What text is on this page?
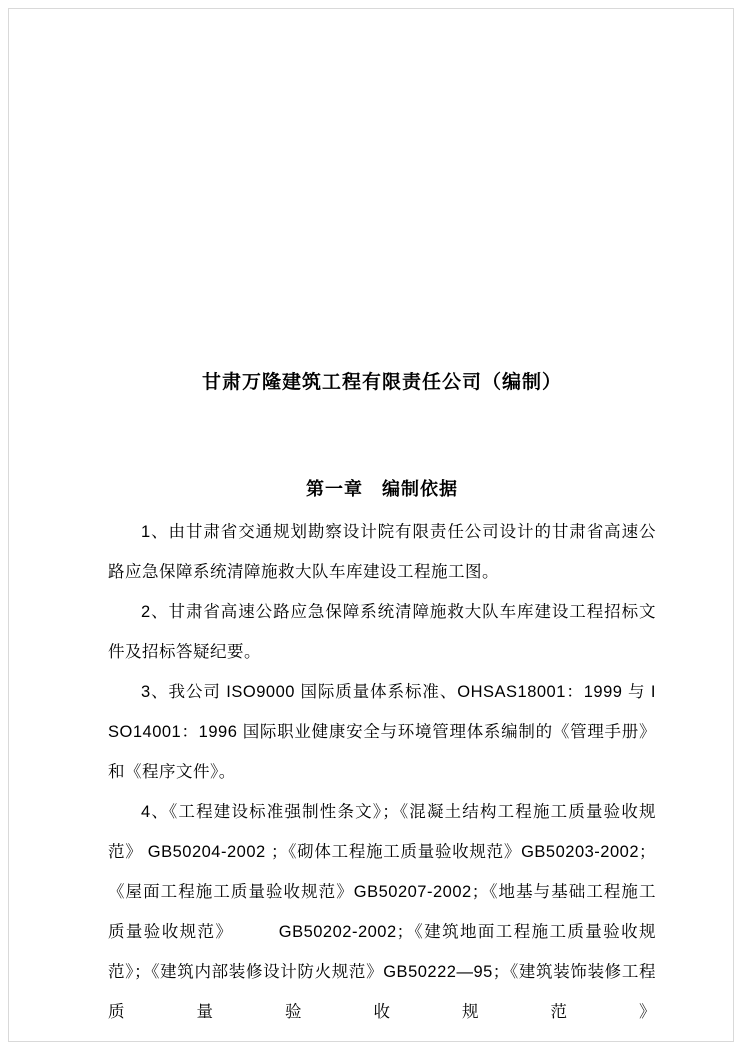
甘肃万隆建筑工程有限责任公司（编制）
第一章　编制依据

1、由甘肃省交通规划勘察设计院有限责任公司设计的甘肃省高速公路应急保障系统清障施救大队车库建设工程施工图。

2、甘肃省高速公路应急保障系统清障施救大队车库建设工程招标文件及招标答疑纪要。

3、我公司 ISO9000 国际质量体系标准、OHSAS18001：1999 与 ISO14001：1996 国际职业健康安全与环境管理体系编制的《管理手册》和《程序文件》。

4、《工程建设标准强制性条文》；《混凝土结构工程施工质量验收规范》 GB50204-2002 ；《砌体工程施工质量验收规范》GB50203-2002；《屋面工程施工质量验收规范》GB50207-2002；《地基与基础工程施工质量验收规范》　　　GB50202-2002；《建筑地面工程施工质量验收规范》；《建筑内部装修设计防火规范》GB50222—95；《建筑装饰装修工程质量验收规范》
